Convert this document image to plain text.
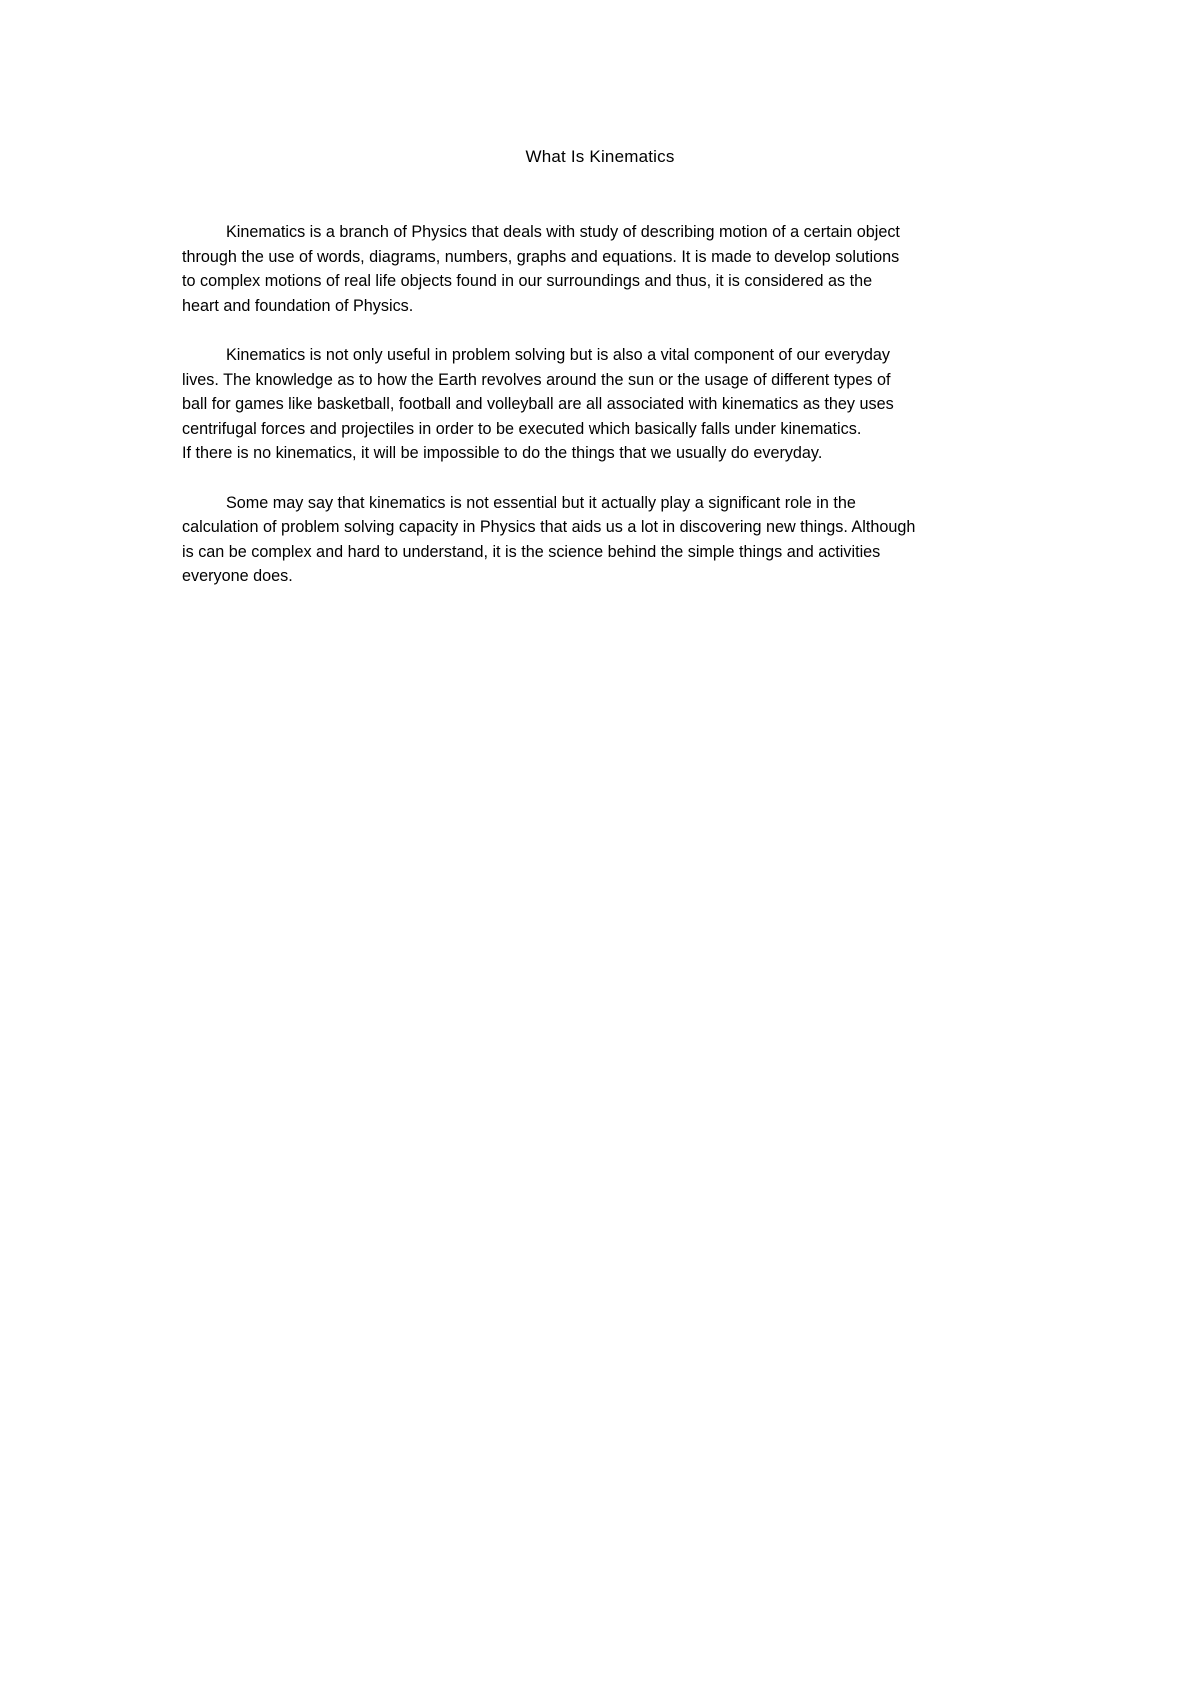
What Is Kinematics

Kinematics is a branch of Physics that deals with study of describing motion of a certain object
through the use of words, diagrams, numbers, graphs and equations. It is made to develop solutions
to complex motions of real life objects found in our surroundings and thus, it is considered as the
heart and foundation of Physics.

Kinematics is not only useful in problem solving but is also a vital component of our everyday
lives. The knowledge as to how the Earth revolves around the sun or the usage of different types of
ball for games like basketball, football and volleyball are all associated with kinematics as they uses
centrifugal forces and projectiles in order to be executed which basically falls under kinematics.
If there is no kinematics, it will be impossible to do the things that we usually do everyday.

Some may say that kinematics is not essential but it actually play a significant role in the
calculation of problem solving capacity in Physics that aids us a lot in discovering new things. Although
is can be complex and hard to understand, it is the science behind the simple things and activities
everyone does.
